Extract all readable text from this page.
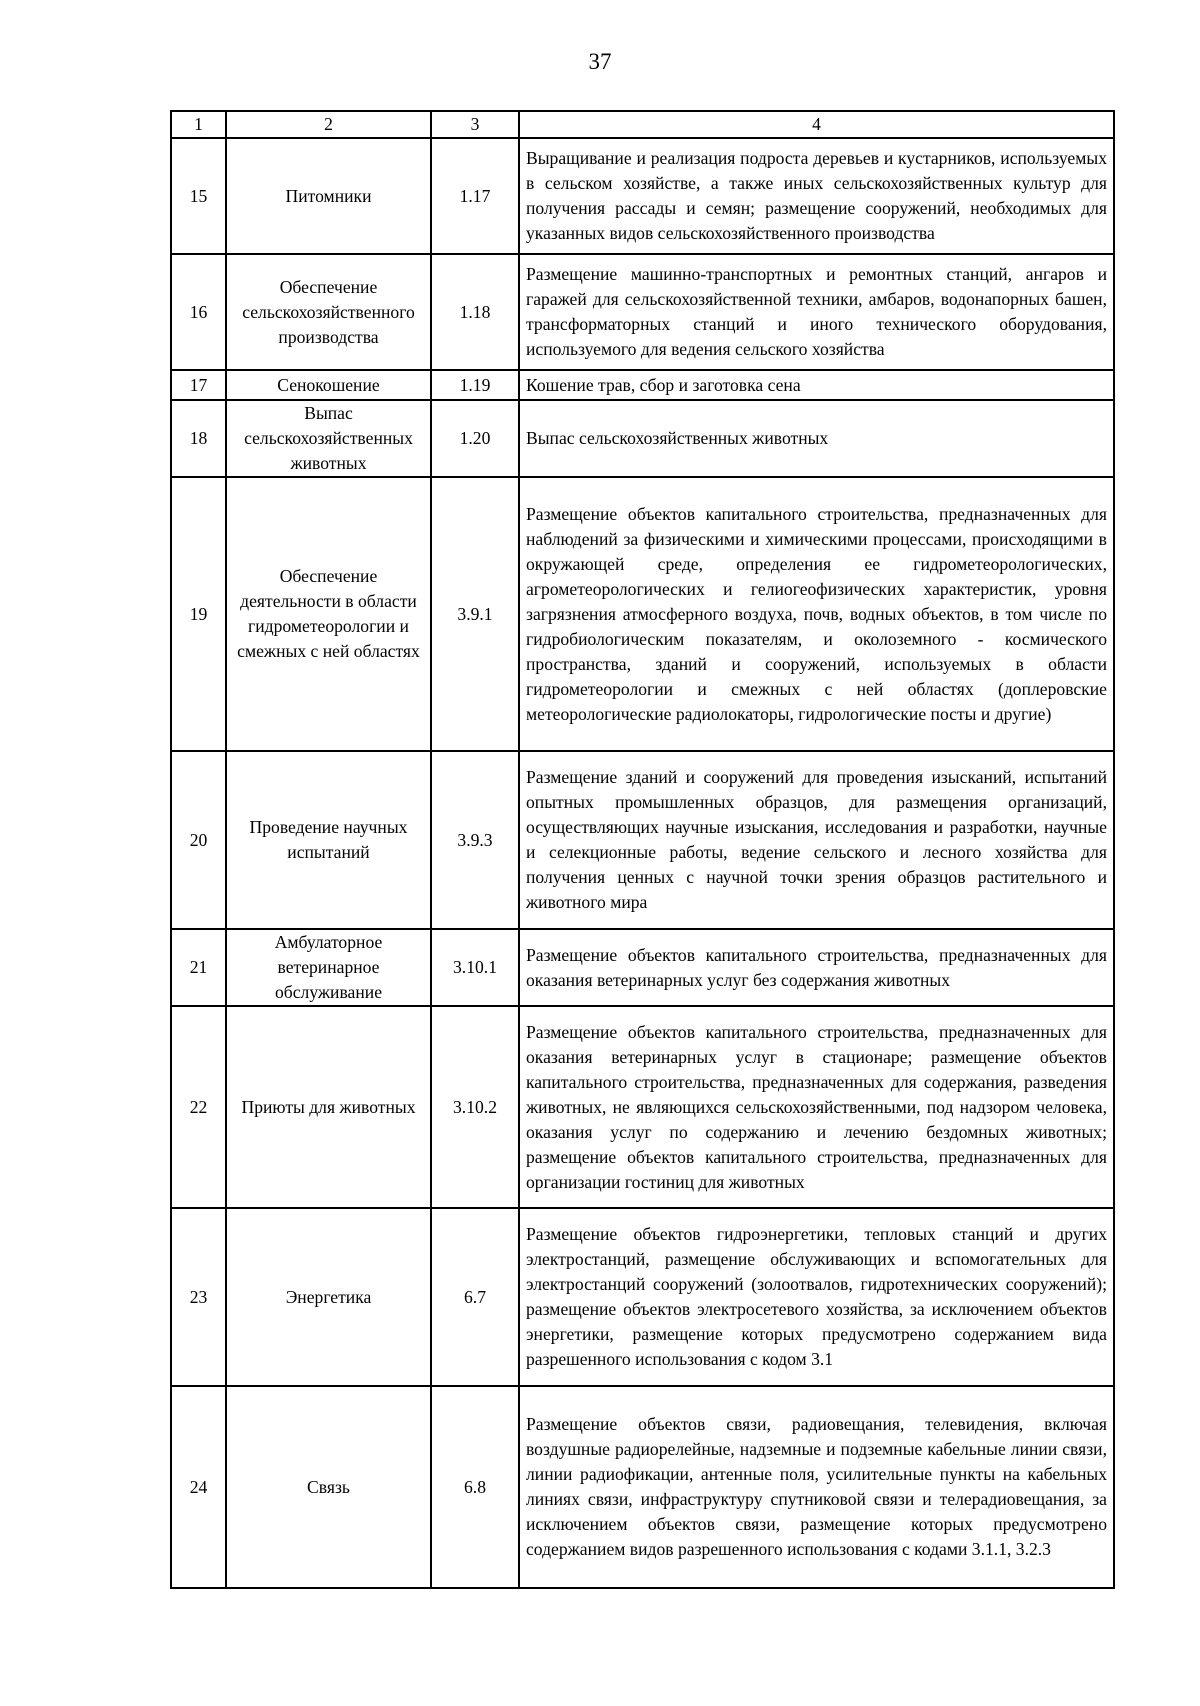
37
1	2	3	4
15	Питомники	1.17	Выращивание и реализация подроста деревьев и кустарников, используемых в сельском хозяйстве, а также иных сельскохозяйственных культур для получения рассады и семян; размещение сооружений, необходимых для указанных видов сельскохозяйственного производства
16	Обеспечение сельскохозяйственного производства	1.18	Размещение машинно-транспортных и ремонтных станций, ангаров и гаражей для сельскохозяйственной техники, амбаров, водонапорных башен, трансформаторных станций и иного технического оборудования, используемого для ведения сельского хозяйства
17	Сенокошение	1.19	Кошение трав, сбор и заготовка сена
18	Выпас сельскохозяйственных животных	1.20	Выпас сельскохозяйственных животных
19	Обеспечение деятельности в области гидрометеорологии и смежных с ней областях	3.9.1	Размещение объектов капитального строительства, предназначенных для наблюдений за физическими и химическими процессами, происходящими в окружающей среде, определения ее гидрометеорологических, агрометеорологических и гелиогеофизических характеристик, уровня загрязнения атмосферного воздуха, почв, водных объектов, в том числе по гидробиологическим показателям, и околоземного - космического пространства, зданий и сооружений, используемых в области гидрометеорологии и смежных с ней областях (доплеровские метеорологические радиолокаторы, гидрологические посты и другие)
20	Проведение научных испытаний	3.9.3	Размещение зданий и сооружений для проведения изысканий, испытаний опытных промышленных образцов, для размещения организаций, осуществляющих научные изыскания, исследования и разработки, научные и селекционные работы, ведение сельского и лесного хозяйства для получения ценных с научной точки зрения образцов растительного и животного мира
21	Амбулаторное ветеринарное обслуживание	3.10.1	Размещение объектов капитального строительства, предназначенных для оказания ветеринарных услуг без содержания животных
22	Приюты для животных	3.10.2	Размещение объектов капитального строительства, предназначенных для оказания ветеринарных услуг в стационаре; размещение объектов капитального строительства, предназначенных для содержания, разведения животных, не являющихся сельскохозяйственными, под надзором человека, оказания услуг по содержанию и лечению бездомных животных; размещение объектов капитального строительства, предназначенных для организации гостиниц для животных
23	Энергетика	6.7	Размещение объектов гидроэнергетики, тепловых станций и других электростанций, размещение обслуживающих и вспомогательных для электростанций сооружений (золоотвалов, гидротехнических сооружений); размещение объектов электросетевого хозяйства, за исключением объектов энергетики, размещение которых предусмотрено содержанием вида разрешенного использования с кодом 3.1
24	Связь	6.8	Размещение объектов связи, радиовещания, телевидения, включая воздушные радиорелейные, надземные и подземные кабельные линии связи, линии радиофикации, антенные поля, усилительные пункты на кабельных линиях связи, инфраструктуру спутниковой связи и телерадиовещания, за исключением объектов связи, размещение которых предусмотрено содержанием видов разрешенного использования с кодами 3.1.1, 3.2.3
